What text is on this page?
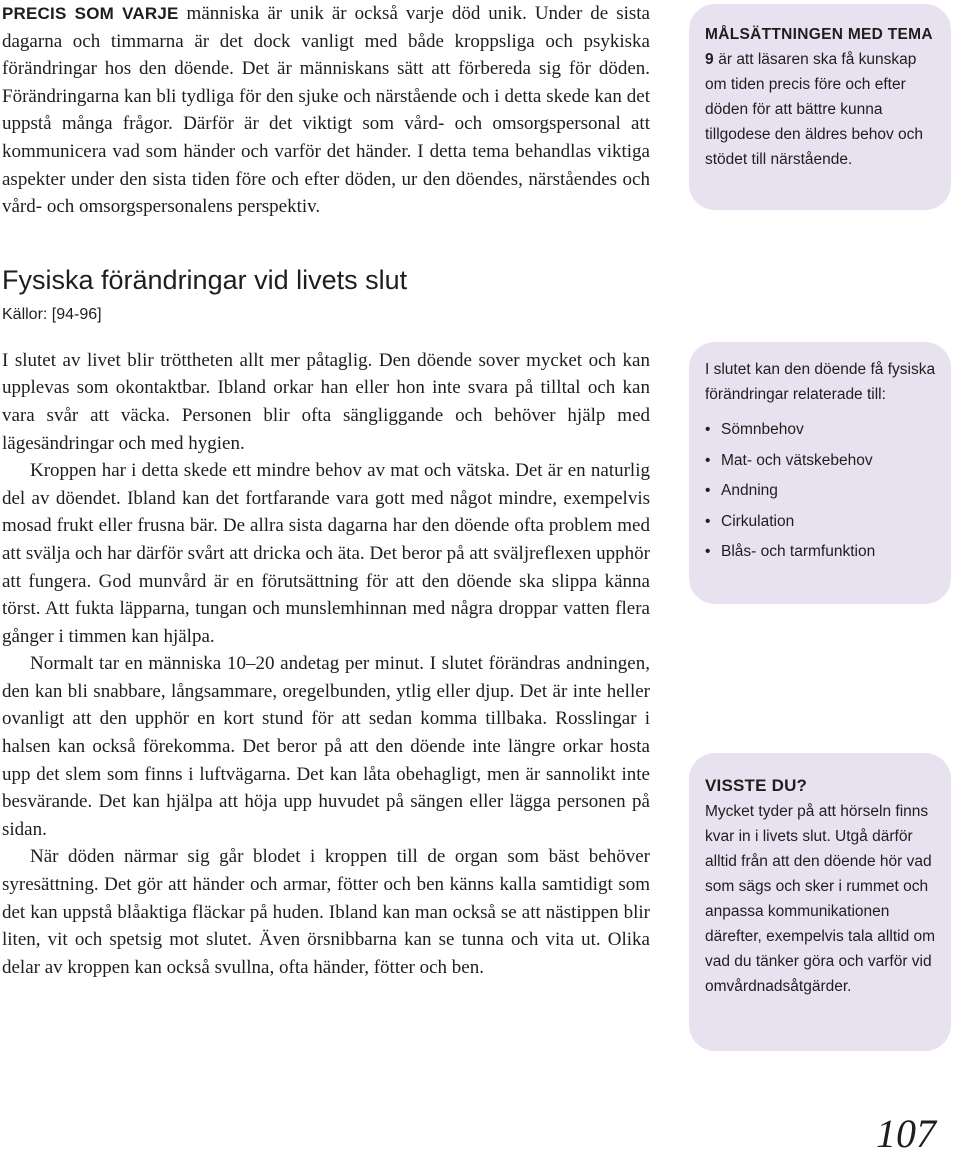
PRECIS SOM VARJE människa är unik är också varje död unik. Under de sista dagarna och timmarna är det dock vanligt med både kroppsliga och psykiska förändringar hos den döende. Det är människans sätt att förbereda sig för döden. Förändringarna kan bli tydliga för den sjuke och närstående och i detta skede kan det uppstå många frågor. Därför är det viktigt som vård- och omsorgspersonal att kommunicera vad som händer och varför det händer. I detta tema behandlas viktiga aspekter under den sista tiden före och efter döden, ur den döendes, närståendes och vård- och omsorgspersonalens perspektiv.

Fysiska förändringar vid livets slut
Källor: [94-96]

I slutet av livet blir tröttheten allt mer påtaglig. Den döende sover mycket och kan upplevas som okontaktbar. Ibland orkar han eller hon inte svara på tilltal och kan vara svår att väcka. Personen blir ofta sängliggande och behöver hjälp med lägesändringar och med hygien.

Kroppen har i detta skede ett mindre behov av mat och vätska. Det är en naturlig del av döendet. Ibland kan det fortfarande vara gott med något mindre, exempelvis mosad frukt eller frusna bär. De allra sista dagarna har den döende ofta problem med att svälja och har därför svårt att dricka och äta. Det beror på att sväljreflexen upphör att fungera. God munvård är en förutsättning för att den döende ska slippa känna törst. Att fukta läpparna, tungan och munslemhinnan med några droppar vatten flera gånger i timmen kan hjälpa.

Normalt tar en människa 10–20 andetag per minut. I slutet förändras andningen, den kan bli snabbare, långsammare, oregelbunden, ytlig eller djup. Det är inte heller ovanligt att den upphör en kort stund för att sedan komma tillbaka. Rosslingar i halsen kan också förekomma. Det beror på att den döende inte längre orkar hosta upp det slem som finns i luftvägarna. Det kan låta obehagligt, men är sannolikt inte besvärande. Det kan hjälpa att höja upp huvudet på sängen eller lägga personen på sidan.

När döden närmar sig går blodet i kroppen till de organ som bäst behöver syresättning. Det gör att händer och armar, fötter och ben känns kalla samtidigt som det kan uppstå blåaktiga fläckar på huden. Ibland kan man också se att nästippen blir liten, vit och spetsig mot slutet. Även örsnibbarna kan se tunna och vita ut. Olika delar av kroppen kan också svullna, ofta händer, fötter och ben.

MÅLSÄTTNINGEN MED TEMA 9 är att läsaren ska få kunskap om tiden precis före och efter döden för att bättre kunna tillgodese den äldres behov och stödet till närstående.
I slutet kan den döende få fysiska förändringar relaterade till:
• Sömnbehov
• Mat- och vätskebehov
• Andning
• Cirkulation
• Blås- och tarmfunktion
VISSTE DU?
Mycket tyder på att hörseln finns kvar in i livets slut. Utgå därför alltid från att den döende hör vad som sägs och sker i rummet och anpassa kommunikationen därefter, exempelvis tala alltid om vad du tänker göra och varför vid omvårdnadsåtgärder.
107
